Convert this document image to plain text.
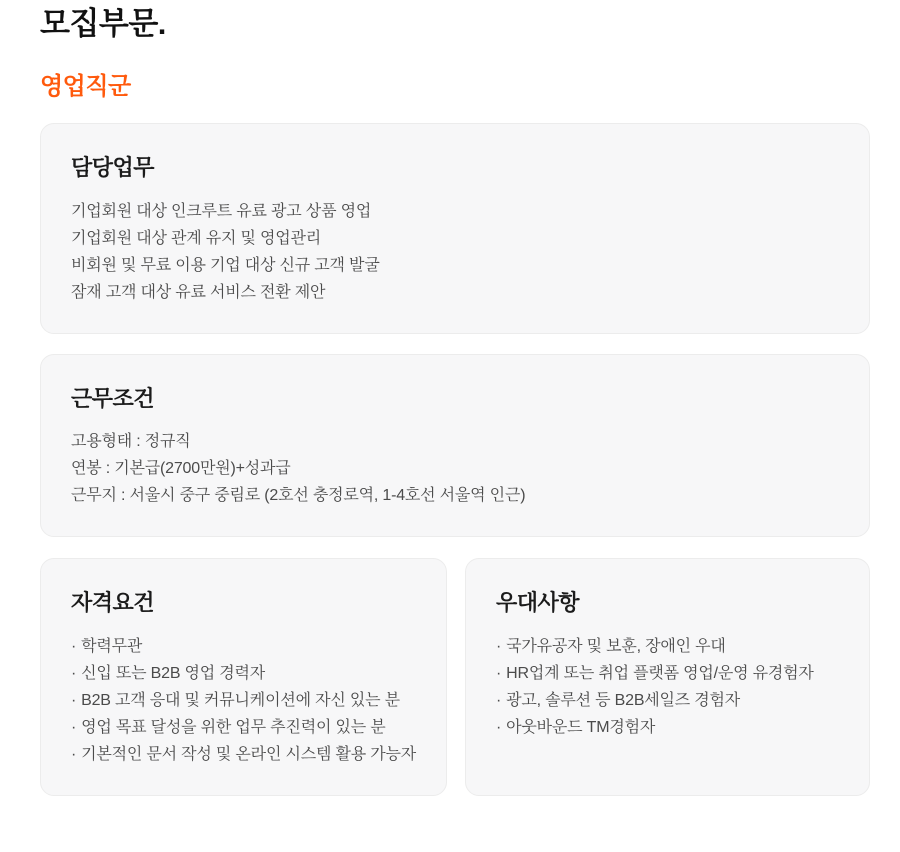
모집부문.
영업직군
담당업무
기업회원 대상 인크루트 유료 광고 상품 영업
기업회원 대상 관계 유지 및 영업관리
비회원 및 무료 이용 기업 대상 신규 고객 발굴
잠재 고객 대상 유료 서비스 전환 제안
근무조건
고용형태 : 정규직
연봉 : 기본급(2700만원)+성과급
근무지 : 서울시 중구 중림로 (2호선 충정로역, 1-4호선 서울역 인근)
자격요건
· 학력무관
· 신입 또는 B2B 영업 경력자
· B2B 고객 응대 및 커뮤니케이션에 자신 있는 분
· 영업 목표 달성을 위한 업무 추진력이 있는 분
· 기본적인 문서 작성 및 온라인 시스템 활용 가능자
우대사항
· 국가유공자 및 보훈, 장애인 우대
· HR업계 또는 취업 플랫폼 영업/운영 유경험자
· 광고, 솔루션 등 B2B세일즈 경험자
· 아웃바운드 TM경험자
